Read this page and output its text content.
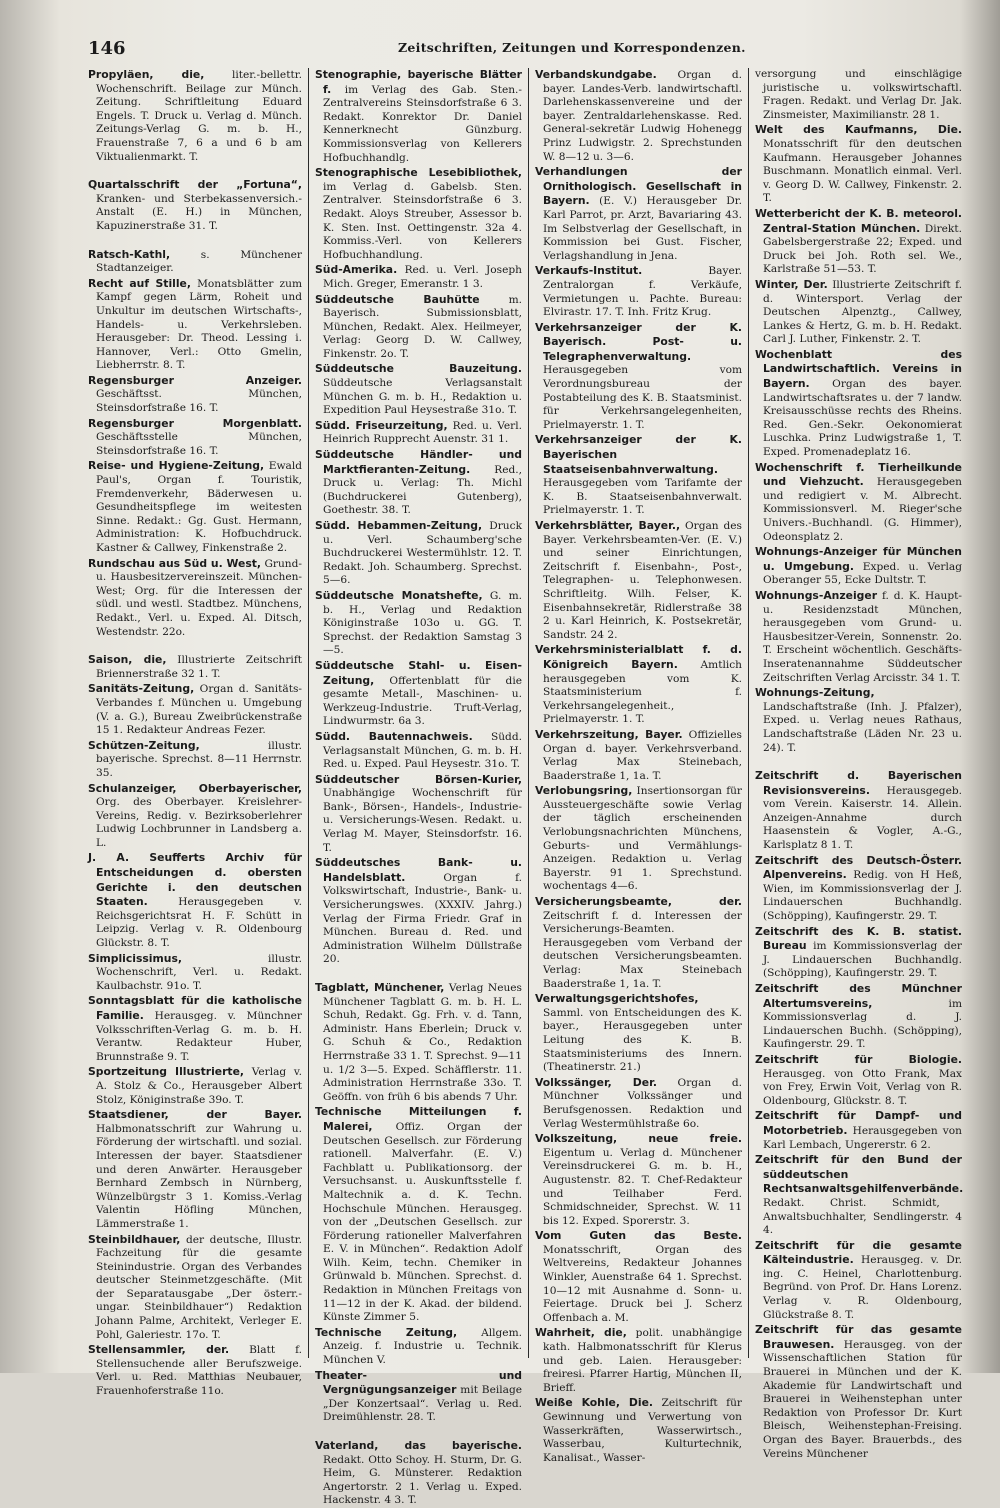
146	Zeitschriften, Zeitungen und Korrespondenzen.

Propyläen, die, liter.-bellettr. Wochenschrift. Beilage zur Münch. Zeitung. Schriftleitung Eduard Engels. T. Druck u. Verlag d. Münch. Zeitungs-Verlag G. m. b. H., Frauenstraße 7, 6 a und 6 b am Viktualienmarkt. T.

Quartalsschrift der „Fortuna“, Kranken- und Sterbekassenversich.-Anstalt (E. H.) in München, Kapuzinerstraße 31. T.

Ratsch-Kathl, s. Münchener Stadtanzeiger.

Recht auf Stille, Monatsblätter zum Kampf gegen Lärm, Roheit und Unkultur im deutschen Wirtschafts-, Handels- u. Verkehrsleben. Herausgeber: Dr. Theod. Lessing i. Hannover, Verl.: Otto Gmelin, Liebherrstr. 8. T.

Regensburger Anzeiger. Geschäftsst. München, Steinsdorfstraße 16. T.

Regensburger Morgenblatt. Geschäftsstelle München, Steinsdorfstraße 16. T.

Reise- und Hygiene-Zeitung, Ewald Paul's, Organ f. Touristik, Fremdenverkehr, Bäderwesen u. Gesundheitspflege im weitesten Sinne. Redakt.: Gg. Gust. Hermann, Administration: K. Hofbuchdruck. Kastner & Callwey, Finkenstraße 2.

Rundschau aus Süd u. West, Grund- u. Hausbesitzervereinszeit. München-West; Org. für die Interessen der südl. und westl. Stadtbez. Münchens, Redakt., Verl. u. Exped. Al. Ditsch, Westendstr. 22o.

Saison, die, Illustrierte Zeitschrift Briennerstraße 32 1. T.

Sanitäts-Zeitung, Organ d. Sanitäts-Verbandes f. München u. Umgebung (V. a. G.), Bureau Zweibrückenstraße 15 1. Redakteur Andreas Fezer.

Schützen-Zeitung, illustr. bayerische. Sprechst. 8—11 Herrnstr. 35.

Schulanzeiger, Oberbayerischer, Org. des Oberbayer. Kreislehrer-Vereins, Redig. v. Bezirksoberlehrer Ludwig Lochbrunner in Landsberg a. L.

J. A. Seufferts Archiv für Entscheidungen d. obersten Gerichte i. den deutschen Staaten. Herausgegeben v. Reichsgerichtsrat H. F. Schütt in Leipzig. Verlag v. R. Oldenbourg Glückstr. 8. T.

Simplicissimus, illustr. Wochenschrift, Verl. u. Redakt. Kaulbachstr. 91o. T.

Sonntagsblatt für die katholische Familie. Herausgeg. v. Münchner Volksschriften-Verlag G. m. b. H. Verantw. Redakteur Huber, Brunnstraße 9. T.

Sportzeitung Illustrierte, Verlag v. A. Stolz & Co., Herausgeber Albert Stolz, Königinstraße 39o. T.

Staatsdiener, der Bayer. Halbmonatsschrift zur Wahrung u. Förderung der wirtschaftl. und sozial. Interessen der bayer. Staatsdiener und deren Anwärter. Herausgeber Bernhard Zembsch in Nürnberg, Wünzelbürgstr 3 1. Komiss.-Verlag Valentin Höfling München, Lämmerstraße 1.

Steinbildhauer, der deutsche, Illustr. Fachzeitung für die gesamte Steinindustrie. Organ des Verbandes deutscher Steinmetzgeschäfte. (Mit der Separatausgabe „Der österr.-ungar. Steinbildhauer“) Redaktion Johann Palme, Architekt, Verleger E. Pohl, Galeriestr. 17o. T.

Stellensammler, der. Blatt f. Stellensuchende aller Berufszweige. Verl. u. Red. Matthias Neubauer, Frauenhoferstraße 11o.

Stenographie, bayerische Blätter f. im Verlag des Gab. Sten.-Zentralvereins Steinsdorfstraße 6 3. Redakt. Konrektor Dr. Daniel Kennerknecht Günzburg. Kommissionsverlag von Kellerers Hofbuchhandlg.

Stenographische Lesebibliothek, im Verlag d. Gabelsb. Sten. Zentralver. Steinsdorfstraße 6 3. Redakt. Aloys Streuber, Assessor b. K. Sten. Inst. Oettingenstr. 32a 4. Kommiss.-Verl. von Kellerers Hofbuchhandlung.

Süd-Amerika. Red. u. Verl. Joseph Mich. Greger, Emeranstr. 1 3.

Süddeutsche Bauhütte m. Bayerisch. Submissionsblatt, München, Redakt. Alex. Heilmeyer, Verlag: Georg D. W. Callwey, Finkenstr. 2o. T.

Süddeutsche Bauzeitung. Süddeutsche Verlagsanstalt München G. m. b. H., Redaktion u. Expedition Paul Heysestraße 31o. T.

Südd. Friseurzeitung, Red. u. Verl. Heinrich Rupprecht Auenstr. 31 1.

Süddeutsche Händler- und Marktfieranten-Zeitung. Red., Druck u. Verlag: Th. Michl (Buchdruckerei Gutenberg), Goethestr. 38. T.

Südd. Hebammen-Zeitung, Druck u. Verl. Schaumberg'sche Buchdruckerei Westermühlstr. 12. T. Redakt. Joh. Schaumberg. Sprechst. 5—6.

Süddeutsche Monatshefte, G. m. b. H., Verlag und Redaktion Königinstraße 103o u. GG. T. Sprechst. der Redaktion Samstag 3—5.

Süddeutsche Stahl- u. Eisen-Zeitung, Offertenblatt für die gesamte Metall-, Maschinen- u. Werkzeug-Industrie. Truft-Verlag, Lindwurmstr. 6a 3.

Südd. Bautennachweis. Südd. Verlagsanstalt München, G. m. b. H. Red. u. Exped. Paul Heysestr. 31o. T.

Süddeutscher Börsen-Kurier, Unabhängige Wochenschrift für Bank-, Börsen-, Handels-, Industrie- u. Versicherungs-Wesen. Redakt. u. Verlag M. Mayer, Steinsdorfstr. 16. T.

Süddeutsches Bank- u. Handelsblatt. Organ f. Volkswirtschaft, Industrie-, Bank- u. Versicherungswes. (XXXIV. Jahrg.) Verlag der Firma Friedr. Graf in München. Bureau d. Red. und Administration Wilhelm Düllstraße 20.

Tagblatt, Münchener, Verlag Neues Münchener Tagblatt G. m. b. H. L. Schuh, Redakt. Gg. Frh. v. d. Tann, Administr. Hans Eberlein; Druck v. G. Schuh & Co., Redaktion Herrnstraße 33 1. T. Sprechst. 9—11 u. 1/2 3—5. Exped. Schäfflerstr. 11. Administration Herrnstraße 33o. T. Geöffn. von früh 6 bis abends 7 Uhr.

Technische Mitteilungen f. Malerei, Offiz. Organ der Deutschen Gesellsch. zur Förderung rationell. Malverfahr. (E. V.) Fachblatt u. Publikationsorg. der Versuchsanst. u. Auskunftsstelle f. Maltechnik a. d. K. Techn. Hochschule München. Herausgeg. von der „Deutschen Gesellsch. zur Förderung rationeller Malverfahren E. V. in München“. Redaktion Adolf Wilh. Keim, techn. Chemiker in Grünwald b. München. Sprechst. d. Redaktion in München Freitags von 11—12 in der K. Akad. der bildend. Künste Zimmer 5.

Technische Zeitung, Allgem. Anzeig. f. Industrie u. Technik. München V.

Theater- und Vergnügungsanzeiger mit Beilage „Der Konzertsaal“. Verlag u. Red. Dreimühlenstr. 28. T.

Vaterland, das bayerische. Redakt. Otto Schoy. H. Sturm, Dr. G. Heim, G. Münsterer. Redaktion Angertorstr. 2 1. Verlag u. Exped. Hackenstr. 4 3. T.

Verbandskundgabe. Organ d. bayer. Landes-Verb. landwirtschaftl. Darlehenskassenvereine und der bayer. Zentraldarlehenskasse. Red. General-sekretär Ludwig Hohenegg Prinz Ludwigstr. 2. Sprechstunden W. 8—12 u. 3—6.

Verhandlungen der Ornithologisch. Gesellschaft in Bayern. (E. V.) Herausgeber Dr. Karl Parrot, pr. Arzt, Bavariaring 43. Im Selbstverlag der Gesellschaft, in Kommission bei Gust. Fischer, Verlagshandlung in Jena.

Verkaufs-Institut. Bayer. Zentralorgan f. Verkäufe, Vermietungen u. Pachte. Bureau: Elvirastr. 17. T. Inh. Fritz Krug.

Verkehrsanzeiger der K. Bayerisch. Post- u. Telegraphenverwaltung. Herausgegeben vom Verordnungsbureau der Postabteilung des K. B. Staatsminist. für Verkehrsangelegenheiten, Prielmayerstr. 1. T.

Verkehrsanzeiger der K. Bayerischen Staatseisenbahnverwaltung. Herausgegeben vom Tarifamte der K. B. Staatseisenbahnverwalt. Prielmayerstr. 1. T.

Verkehrsblätter, Bayer., Organ des Bayer. Verkehrsbeamten-Ver. (E. V.) und seiner Einrichtungen, Zeitschrift f. Eisenbahn-, Post-, Telegraphen- u. Telephonwesen. Schriftleitg. Wilh. Felser, K. Eisenbahnsekretär, Ridlerstraße 38 2 u. Karl Heinrich, K. Postsekretär, Sandstr. 24 2.

Verkehrsministerialblatt f. d. Königreich Bayern. Amtlich herausgegeben vom K. Staatsministerium f. Verkehrsangelegenheit., Prielmayerstr. 1. T.

Verkehrszeitung, Bayer. Offizielles Organ d. bayer. Verkehrsverband. Verlag Max Steinebach, Baaderstraße 1, 1a. T.

Verlobungsring, Insertionsorgan für Aussteuergeschäfte sowie Verlag der täglich erscheinenden Verlobungsnachrichten Münchens, Geburts- und Vermählungs-Anzeigen. Redaktion u. Verlag Bayerstr. 91 1. Sprechstund. wochentags 4—6.

Versicherungsbeamte, der. Zeitschrift f. d. Interessen der Versicherungs-Beamten. Herausgegeben vom Verband der deutschen Versicherungsbeamten. Verlag: Max Steinebach Baaderstraße 1, 1a. T.

Verwaltungsgerichtshofes, Samml. von Entscheidungen des K. bayer., Herausgegeben unter Leitung des K. B. Staatsministeriums des Innern. (Theatinerstr. 21.)

Volkssänger, Der. Organ d. Münchner Volkssänger und Berufsgenossen. Redaktion und Verlag Westermühlstraße 6o.

Volkszeitung, neue freie. Eigentum u. Verlag d. Münchener Vereinsdruckerei G. m. b. H., Augustenstr. 82. T. Chef-Redakteur und Teilhaber Ferd. Schmidschneider, Sprechst. W. 11 bis 12. Exped. Sporerstr. 3.

Vom Guten das Beste. Monatsschrift, Organ des Weltvereins, Redakteur Johannes Winkler, Auenstraße 64 1. Sprechst. 10—12 mit Ausnahme d. Sonn- u. Feiertage. Druck bei J. Scherz Offenbach a. M.

Wahrheit, die, polit. unabhängige kath. Halbmonatsschrift für Klerus und geb. Laien. Herausgeber: freiresi. Pfarrer Hartig, München II, Brieff.

Weiße Kohle, Die. Zeitschrift für Gewinnung und Verwertung von Wasserkräften, Wasserwirtsch., Wasserbau, Kulturtechnik, Kanalisat., Wasser-

versorgung und einschlägige juristische u. volkswirtschaftl. Fragen. Redakt. und Verlag Dr. Jak. Zinsmeister, Maximilianstr. 28 1.

Welt des Kaufmanns, Die. Monatsschrift für den deutschen Kaufmann. Herausgeber Johannes Buschmann. Monatlich einmal. Verl. v. Georg D. W. Callwey, Finkenstr. 2. T.

Wetterbericht der K. B. meteorol. Zentral-Station München. Direkt. Gabelsbergerstraße 22; Exped. und Druck bei Joh. Roth sel. We., Karlstraße 51—53. T.

Winter, Der. Illustrierte Zeitschrift f. d. Wintersport. Verlag der Deutschen Alpenztg., Callwey, Lankes & Hertz, G. m. b. H. Redakt. Carl J. Luther, Finkenstr. 2. T.

Wochenblatt des Landwirtschaftlich. Vereins in Bayern. Organ des bayer. Landwirtschaftsrates u. der 7 landw. Kreisausschüsse rechts des Rheins. Red. Gen.-Sekr. Oekonomierat Luschka. Prinz Ludwigstraße 1, T. Exped. Promenadeplatz 16.

Wochenschrift f. Tierheilkunde und Viehzucht. Herausgegeben und redigiert v. M. Albrecht. Kommissionsverl. M. Rieger'sche Univers.-Buchhandl. (G. Himmer), Odeonsplatz 2.

Wohnungs-Anzeiger für München u. Umgebung. Exped. u. Verlag Oberanger 55, Ecke Dultstr. T.

Wohnungs-Anzeiger f. d. K. Haupt- u. Residenzstadt München, herausgegeben vom Grund- u. Hausbesitzer-Verein, Sonnenstr. 2o. T. Erscheint wöchentlich. Geschäfts-Inseratenannahme Süddeutscher Zeitschriften Verlag Arcisstr. 34 1. T.

Wohnungs-Zeitung, Landschaftstraße (Inh. J. Pfalzer), Exped. u. Verlag neues Rathaus, Landschaftstraße (Läden Nr. 23 u. 24). T.

Zeitschrift d. Bayerischen Revisionsvereins. Herausgegeb. vom Verein. Kaiserstr. 14. Allein. Anzeigen-Annahme durch Haasenstein & Vogler, A.-G., Karlsplatz 8 1. T.

Zeitschrift des Deutsch-Österr. Alpenvereins. Redig. von H Heß, Wien, im Kommissionsverlag der J. Lindauerschen Buchhandlg. (Schöpping), Kaufingerstr. 29. T.

Zeitschrift des K. B. statist. Bureau im Kommissionsverlag der J. Lindauerschen Buchhandlg. (Schöpping), Kaufingerstr. 29. T.

Zeitschrift des Münchner Altertumsvereins, im Kommissionsverlag d. J. Lindauerschen Buchh. (Schöpping), Kaufingerstr. 29. T.

Zeitschrift für Biologie. Herausgeg. von Otto Frank, Max von Frey, Erwin Voit, Verlag von R. Oldenbourg, Glückstr. 8. T.

Zeitschrift für Dampf- und Motorbetrieb. Herausgegeben von Karl Lembach, Ungererstr. 6 2.

Zeitschrift für den Bund der süddeutschen Rechtsanwaltsgehilfenverbände. Redakt. Christ. Schmidt, Anwaltsbuchhalter, Sendlingerstr. 4 4.

Zeitschrift für die gesamte Kälteindustrie. Herausgeg. v. Dr. ing. C. Heinel, Charlottenburg. Begründ. von Prof. Dr. Hans Lorenz. Verlag v. R. Oldenbourg, Glückstraße 8. T.

Zeitschrift für das gesamte Brauwesen. Herausgeg. von der Wissenschaftlichen Station für Brauerei in München und der K. Akademie für Landwirtschaft und Brauerei in Weihenstephan unter Redaktion von Professor Dr. Kurt Bleisch, Weihenstephan-Freising. Organ des Bayer. Brauerbds., des Vereins Münchener
